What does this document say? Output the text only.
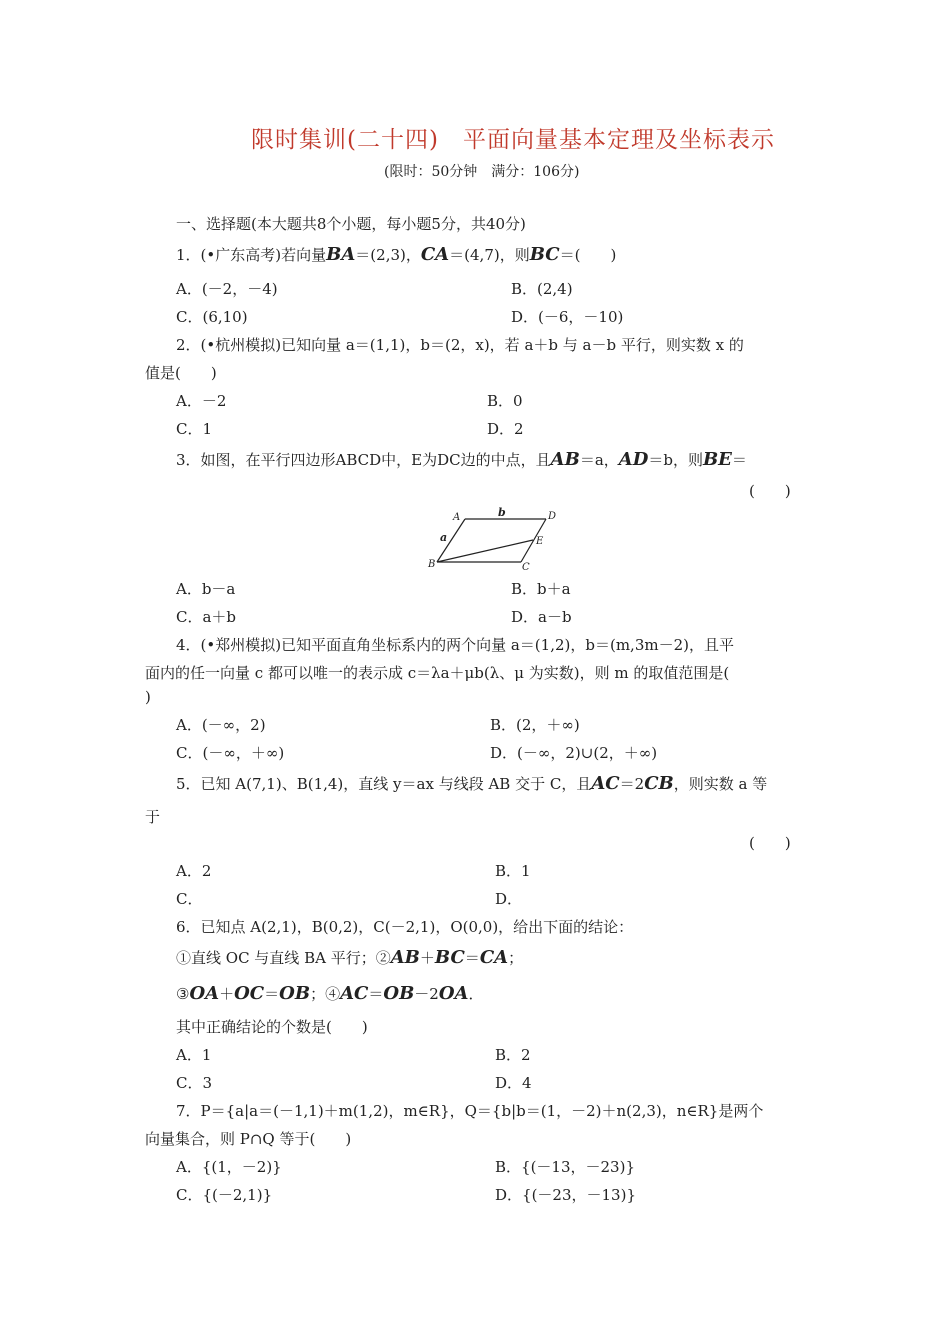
限时集训(二十四)　平面向量基本定理及坐标表示
(限时：50分钟　满分：106分)
一、选择题(本大题共8个小题，每小题5分，共40分)
1．(•广东高考)若向量BA＝(2,3)，CA＝(4,7)，则BC＝(　　)
A．(－2，－4)	B．(2,4)
C．(6,10)	D．(－6，－10)
2．(•杭州模拟)已知向量 a＝(1,1)，b＝(2，x)，若 a＋b 与 a－b 平行，则实数 x 的
值是(　　)
A．－2	B．0
C．1	D．2
3．如图，在平行四边形ABCD中，E为DC边的中点，且AB＝a，AD＝b，则BE＝
(　　)
A
B	C
D
E
a
b
A．b－a	B．b＋a
C．a＋b	D．a－b
4．(•郑州模拟)已知平面直角坐标系内的两个向量 a＝(1,2)，b＝(m,3m－2)，且平
面内的任一向量 c 都可以唯一的表示成 c＝λa＋μb(λ、μ 为实数)，则 m 的取值范围是(
)
A．(－∞，2)	B．(2，＋∞)
C．(－∞，＋∞)	D．(－∞，2)∪(2，＋∞)
5．已知 A(7,1)、B(1,4)，直线 y＝ax 与线段 AB 交于 C，且AC＝2CB，则实数 a 等
于
(　　)
A．2	B．1
C．	D．
6．已知点 A(2,1)，B(0,2)，C(－2,1)，O(0,0)，给出下面的结论：
①直线 OC 与直线 BA 平行；②AB＋BC＝CA；
③OA＋OC＝OB；④AC＝OB－2OA．
其中正确结论的个数是(　　)
A．1	B．2
C．3	D．4
7．P＝{a|a＝(－1,1)＋m(1,2)，m∈R}，Q＝{b|b＝(1，－2)＋n(2,3)，n∈R}是两个
向量集合，则 P∩Q 等于(　　)
A．{(1，－2)}	B．{(－13，－23)}
C．{(－2,1)}	D．{(－23，－13)}
